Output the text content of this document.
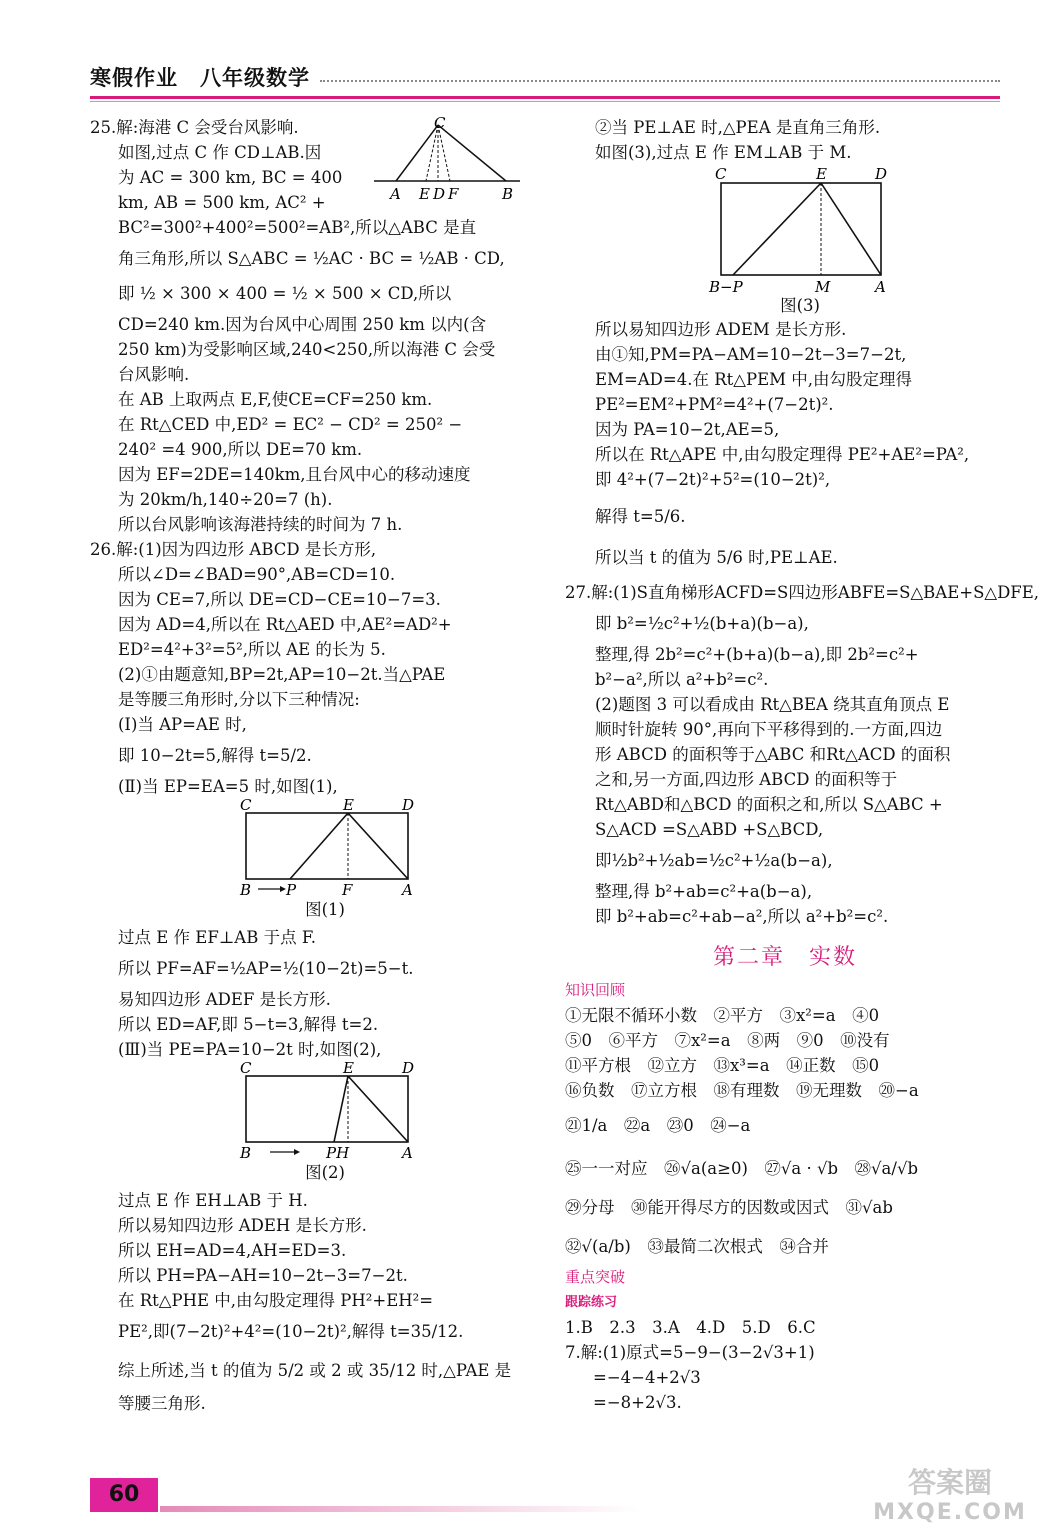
寒假作业　八年级数学
C
A E D F	B
25.解:海港 C 会受台风影响.
如图,过点 C 作 CD⊥AB.因
为 AC = 300 km, BC = 400
km, AB = 500 km, AC² +
BC²=300²+400²=500²=AB²,所以△ABC 是直
角三角形,所以 S△ABC = ½AC · BC = ½AB · CD,
即 ½ × 300 × 400 = ½ × 500 × CD,所以
CD=240 km.因为台风中心周围 250 km 以内(含
250 km)为受影响区域,240<250,所以海港 C 会受
台风影响.
在 AB 上取两点 E,F,使CE=CF=250 km.
在 Rt△CED 中,ED² = EC² − CD² = 250² −
240² =4 900,所以 DE=70 km.
因为 EF=2DE=140km,且台风中心的移动速度
为 20km/h,140÷20=7 (h).
所以台风影响该海港持续的时间为 7 h.
26.解:(1)因为四边形 ABCD 是长方形,
所以∠D=∠BAD=90°,AB=CD=10.
因为 CE=7,所以 DE=CD−CE=10−7=3.
因为 AD=4,所以在 Rt△AED 中,AE²=AD²+
ED²=4²+3²=5²,所以 AE 的长为 5.
(2)①由题意知,BP=2t,AP=10−2t.当△PAE
是等腰三角形时,分以下三种情况:
(Ⅰ)当 AP=AE 时,
即 10−2t=5,解得 t=5/2.
(Ⅱ)当 EP=EA=5 时,如图(1),
C	E	D
B P	F	A
图(1)
过点 E 作 EF⊥AB 于点 F.
所以 PF=AF=½AP=½(10−2t)=5−t.
易知四边形 ADEF 是长方形.
所以 ED=AF,即 5−t=3,解得 t=2.
(Ⅲ)当 PE=PA=10−2t 时,如图(2),
C	E	D
B	PH	A
图(2)
过点 E 作 EH⊥AB 于 H.
所以易知四边形 ADEH 是长方形.
所以 EH=AD=4,AH=ED=3.
所以 PH=PA−AH=10−2t−3=7−2t.
在 Rt△PHE 中,由勾股定理得 PH²+EH²=
PE²,即(7−2t)²+4²=(10−2t)²,解得 t=35/12.
综上所述,当 t 的值为 5/2 或 2 或 35/12 时,△PAE 是
等腰三角形.
②当 PE⊥AE 时,△PEA 是直角三角形.
如图(3),过点 E 作 EM⊥AB 于 M.
C	E	D
B−P	M	A
图(3)
所以易知四边形 ADEM 是长方形.
由①知,PM=PA−AM=10−2t−3=7−2t,
EM=AD=4.在 Rt△PEM 中,由勾股定理得
PE²=EM²+PM²=4²+(7−2t)².
因为 PA=10−2t,AE=5,
所以在 Rt△APE 中,由勾股定理得 PE²+AE²=PA²,
即 4²+(7−2t)²+5²=(10−2t)²,
解得 t=5/6.
所以当 t 的值为 5/6 时,PE⊥AE.
27.解:(1)S直角梯形ACFD=S四边形ABFE=S△BAE+S△DFE,
即 b²=½c²+½(b+a)(b−a),
整理,得 2b²=c²+(b+a)(b−a),即 2b²=c²+
b²−a²,所以 a²+b²=c².
(2)题图 3 可以看成由 Rt△BEA 绕其直角顶点 E
顺时针旋转 90°,再向下平移得到的.一方面,四边
形 ABCD 的面积等于△ABC 和Rt△ACD 的面积
之和,另一方面,四边形 ABCD 的面积等于
Rt△ABD和△BCD 的面积之和,所以 S△ABC +
S△ACD =S△ABD +S△BCD,
即½b²+½ab=½c²+½a(b−a),
整理,得 b²+ab=c²+a(b−a),
即 b²+ab=c²+ab−a²,所以 a²+b²=c².
第二章　实数
知识回顾
①无限不循环小数　②平方　③x²=a　④0
⑤0　⑥平方　⑦x²=a　⑧两　⑨0　⑩没有
⑪平方根　⑫立方　⑬x³=a　⑭正数　⑮0
⑯负数　⑰立方根　⑱有理数　⑲无理数　⑳−a
㉑1/a　㉒a　㉓0　㉔−a
㉕一一对应　㉖√a(a≥0)　㉗√a · √b　㉘√a/√b
㉙分母　㉚能开得尽方的因数或因式　㉛√ab
㉜√(a/b)　㉝最简二次根式　㉞合并
重点突破
跟踪练习
1.B　2.3　3.A　4.D　5.D　6.C
7.解:(1)原式=5−9−(3−2√3+1)
=−4−4+2√3
=−8+2√3.
60	答案圈
MXQE.COM
